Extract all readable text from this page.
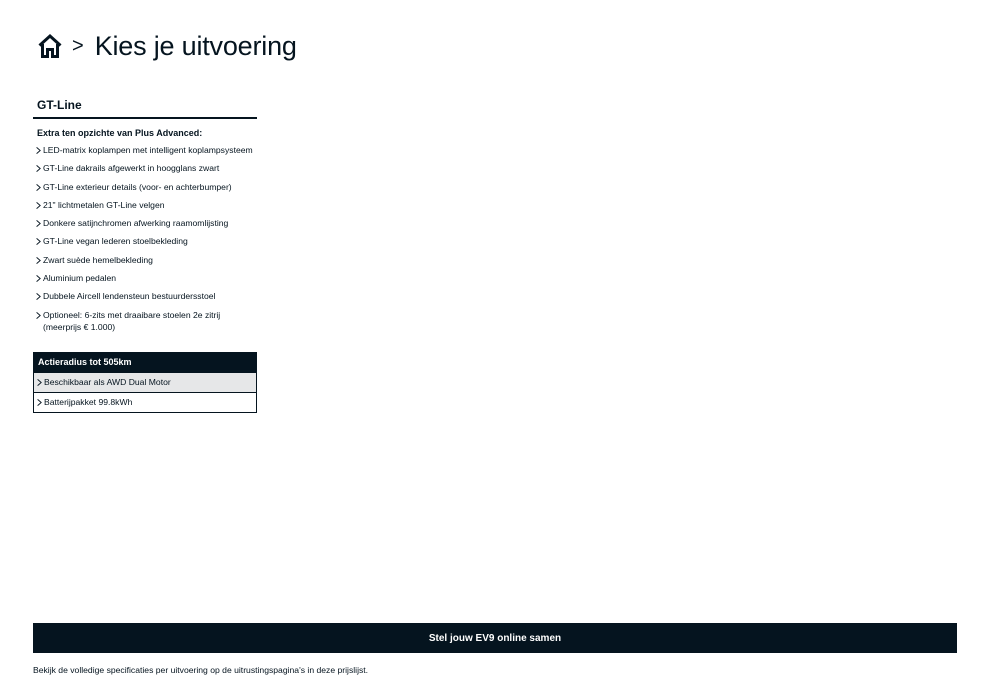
> Kies je uitvoering
GT-Line
Extra ten opzichte van Plus Advanced:
LED-matrix koplampen met intelligent koplampsysteem
GT-Line dakrails afgewerkt in hoogglans zwart
GT-Line exterieur details (voor- en achterbumper)
21" lichtmetalen GT-Line velgen
Donkere satijnchromen afwerking raamomlijsting
GT-Line vegan lederen stoelbekleding
Zwart suède hemelbekleding
Aluminium pedalen
Dubbele Aircell lendensteun bestuurdersstoel
Optioneel: 6-zits met draaibare stoelen 2e zitrij (meerprijs € 1.000)
Actieradius tot 505km
Beschikbaar als AWD Dual Motor
Batterijpakket 99.8kWh
Stel jouw EV9 online samen
Bekijk de volledige specificaties per uitvoering op de uitrustingspagina's in deze prijslijst.
